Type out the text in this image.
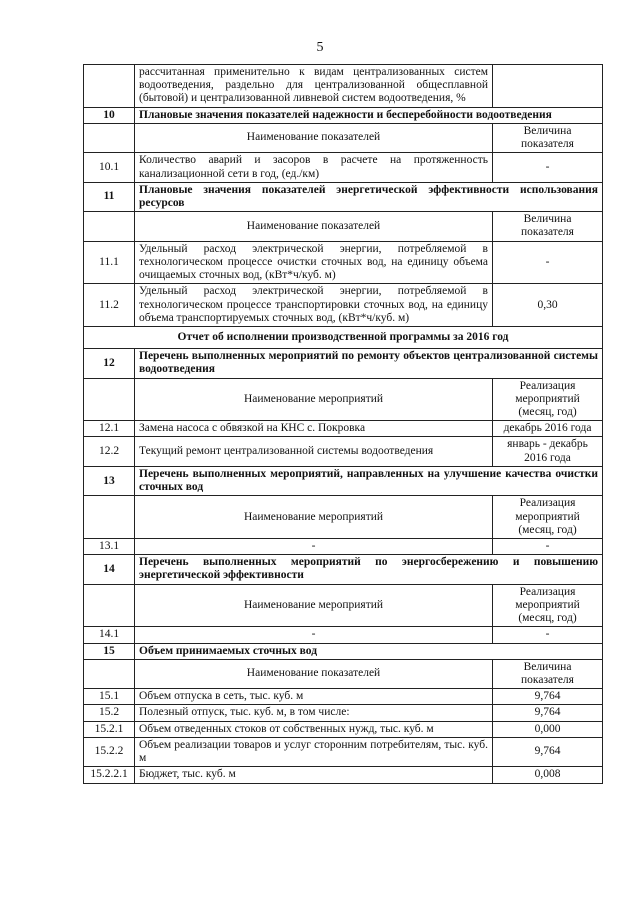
5
	рассчитанная применительно к видам централизованных систем водоотведения, раздельно для централизованной общесплавной (бытовой) и централизованной ливневой систем водоотведения, %	
10	Плановые значения показателей надежности и бесперебойности водоотведения	
	Наименование показателей	Величина показателя
10.1	Количество аварий и засоров в расчете на протяженность канализационной сети в год, (ед./км)	-
11	Плановые значения показателей энергетической эффективности использования ресурсов	
	Наименование показателей	Величина показателя
11.1	Удельный расход электрической энергии, потребляемой в технологическом процессе очистки сточных вод, на единицу объема очищаемых сточных вод, (кВт*ч/куб. м)	-
11.2	Удельный расход электрической энергии, потребляемой в технологическом процессе транспортировки сточных вод, на единицу объема транспортируемых сточных вод, (кВт*ч/куб. м)	0,30
Отчет об исполнении производственной программы за 2016 год		
12	Перечень выполненных мероприятий по ремонту объектов централизованной системы водоотведения	
	Наименование мероприятий	Реализация мероприятий (месяц, год)
12.1	Замена насоса с обвязкой на КНС с. Покровка	декабрь 2016 года
12.2	Текущий ремонт централизованной системы водоотведения	январь - декабрь 2016 года
13	Перечень выполненных мероприятий, направленных на улучшение качества очистки сточных вод	
	Наименование мероприятий	Реализация мероприятий (месяц, год)
13.1	-	-
14	Перечень выполненных мероприятий по энергосбережению и повышению энергетической эффективности	
	Наименование мероприятий	Реализация мероприятий (месяц, год)
14.1	-	-
15	Объем принимаемых сточных вод	
	Наименование показателей	Величина показателя
15.1	Объем отпуска в сеть, тыс. куб. м	9,764
15.2	Полезный отпуск, тыс. куб. м, в том числе:	9,764
15.2.1	Объем отведенных стоков от собственных нужд, тыс. куб. м	0,000
15.2.2	Объем реализации товаров и услуг сторонним потребителям, тыс. куб. м	9,764
15.2.2.1	Бюджет, тыс. куб. м	0,008
